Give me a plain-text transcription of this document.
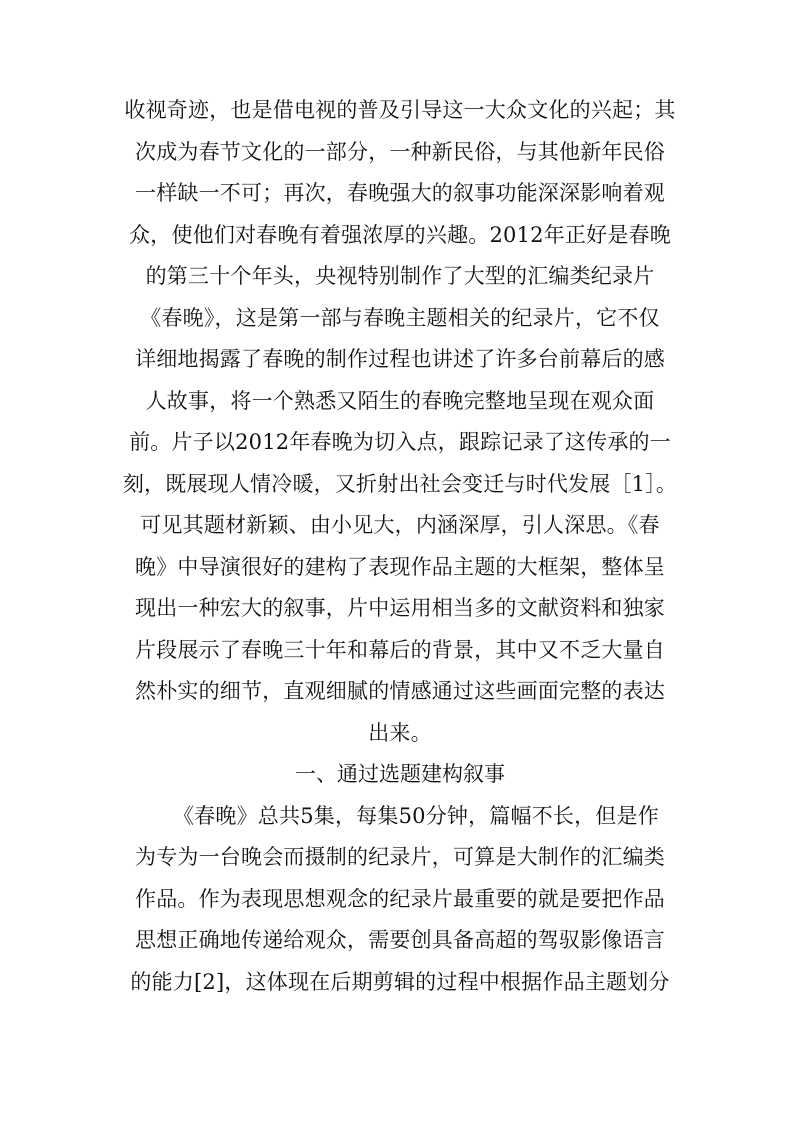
收视奇迹，也是借电视的普及引导这一大众文化的兴起；其
次成为春节文化的一部分，一种新民俗，与其他新年民俗
一样缺一不可；再次，春晚强大的叙事功能深深影响着观
众，使他们对春晚有着强浓厚的兴趣。2012年正好是春晚
的第三十个年头，央视特别制作了大型的汇编类纪录片
《春晚》，这是第一部与春晚主题相关的纪录片，它不仅
详细地揭露了春晚的制作过程也讲述了许多台前幕后的感
人故事，将一个熟悉又陌生的春晚完整地呈现在观众面
前。片子以2012年春晚为切入点，跟踪记录了这传承的一
刻，既展现人情冷暖，又折射出社会变迁与时代发展［1］。
可见其题材新颖、由小见大，内涵深厚，引人深思。《春
晚》中导演很好的建构了表现作品主题的大框架，整体呈
现出一种宏大的叙事，片中运用相当多的文献资料和独家
片段展示了春晚三十年和幕后的背景，其中又不乏大量自
然朴实的细节，直观细腻的情感通过这些画面完整的表达
出来。
一、通过选题建构叙事
　　《春晚》总共5集，每集50分钟，篇幅不长，但是作
为专为一台晚会而摄制的纪录片，可算是大制作的汇编类
作品。作为表现思想观念的纪录片最重要的就是要把作品
思想正确地传递给观众，需要创具备高超的驾驭影像语言
的能力[2]，这体现在后期剪辑的过程中根据作品主题划分
